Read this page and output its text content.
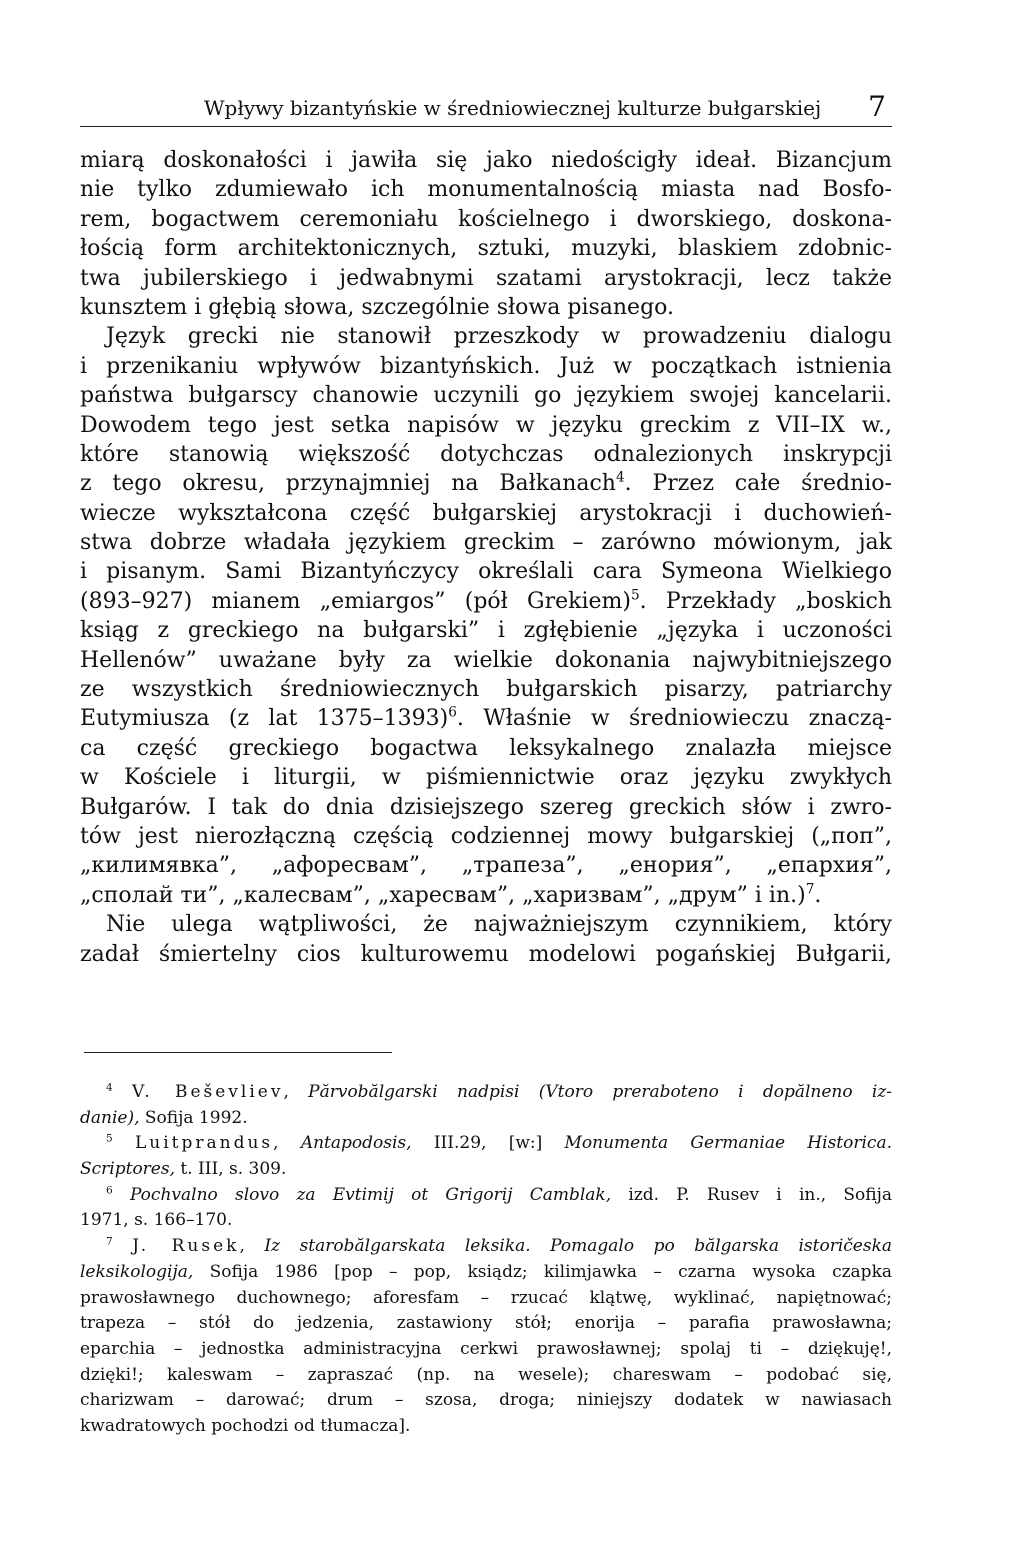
Wpływy bizantyńskie w średniowiecznej kulturze bułgarskiej 7
miarą doskonałości i jawiła się jako niedościgły ideał. Bizancjum
nie tylko zdumiewało ich monumentalnością miasta nad Bosfo-
rem, bogactwem ceremoniału kościelnego i dworskiego, doskona-
łością form architektonicznych, sztuki, muzyki, blaskiem zdobnic-
twa jubilerskiego i jedwabnymi szatami arystokracji, lecz także
kunsztem i głębią słowa, szczególnie słowa pisanego.
Język grecki nie stanowił przeszkody w prowadzeniu dialogu
i przenikaniu wpływów bizantyńskich. Już w początkach istnienia
państwa bułgarscy chanowie uczynili go językiem swojej kancelarii.
Dowodem tego jest setka napisów w języku greckim z VII–IX w.,
które stanowią większość dotychczas odnalezionych inskrypcji
z tego okresu, przynajmniej na Bałkanach$^4$. Przez całe średnio-
wiecze wykształcona część bułgarskiej arystokracji i duchowień-
stwa dobrze władała językiem greckim – zarówno mówionym, jak
i pisanym. Sami Bizantyńczycy określali cara Symeona Wielkiego
(893–927) mianem „emiargos” (pół Grekiem)$^5$. Przekłady „boskich
ksiąg z greckiego na bułgarski” i zgłębienie „języka i uczoności
Hellenów” uważane były za wielkie dokonania najwybitniejszego
ze wszystkich średniowiecznych bułgarskich pisarzy, patriarchy
Eutymiusza (z lat 1375–1393)$^6$. Właśnie w średniowieczu znaczą-
ca część greckiego bogactwa leksykalnego znalazła miejsce
w Kościele i liturgii, w piśmiennictwie oraz języku zwykłych
Bułgarów. I tak do dnia dzisiejszego szereg greckich słów i zwro-
tów jest nierozłączną częścią codziennej mowy bułgarskiej („поп”,
„килимявка”, „афоресвам”, „трапеза”, „енория”, „епархия”,
„сполай ти”, „калесвам”, „харесвам”, „харизвам”, „друм” i in.)$^7$.
Nie ulega wątpliwości, że najważniejszym czynnikiem, który
zadał śmiertelny cios kulturowemu modelowi pogańskiej Bułgarii,
$^4$ V. Beševliev, Părvobălgarski nadpisi (Vtoro preraboteno i dopălneno iz-
danie), Sofija 1992.
$^5$ Luitprandus, Antapodosis, III.29, [w:] Monumenta Germaniae Historica.
Scriptores, t. III, s. 309.
$^6$ Pochvalno slovo za Evtimij ot Grigorij Camblak, izd. P. Rusev i in., Sofija
1971, s. 166–170.
$^7$ J. Rusek, Iz starobălgarskata leksika. Pomagalo po bălgarska istoričeska
leksikologija, Sofija 1986 [pop – pop, ksiądz; kilimjawka – czarna wysoka czapka
prawosławnego duchownego; aforesfam – rzucać klątwę, wyklinać, napiętnować;
trapeza – stół do jedzenia, zastawiony stół; enorija – parafia prawosławna;
eparchia – jednostka administracyjna cerkwi prawosławnej; spolaj ti – dziękuję!,
dzięki!; kaleswam – zapraszać (np. na wesele); chareswam – podobać się,
charizwam – darować; drum – szosa, droga; niniejszy dodatek w nawiasach
kwadratowych pochodzi od tłumacza].
